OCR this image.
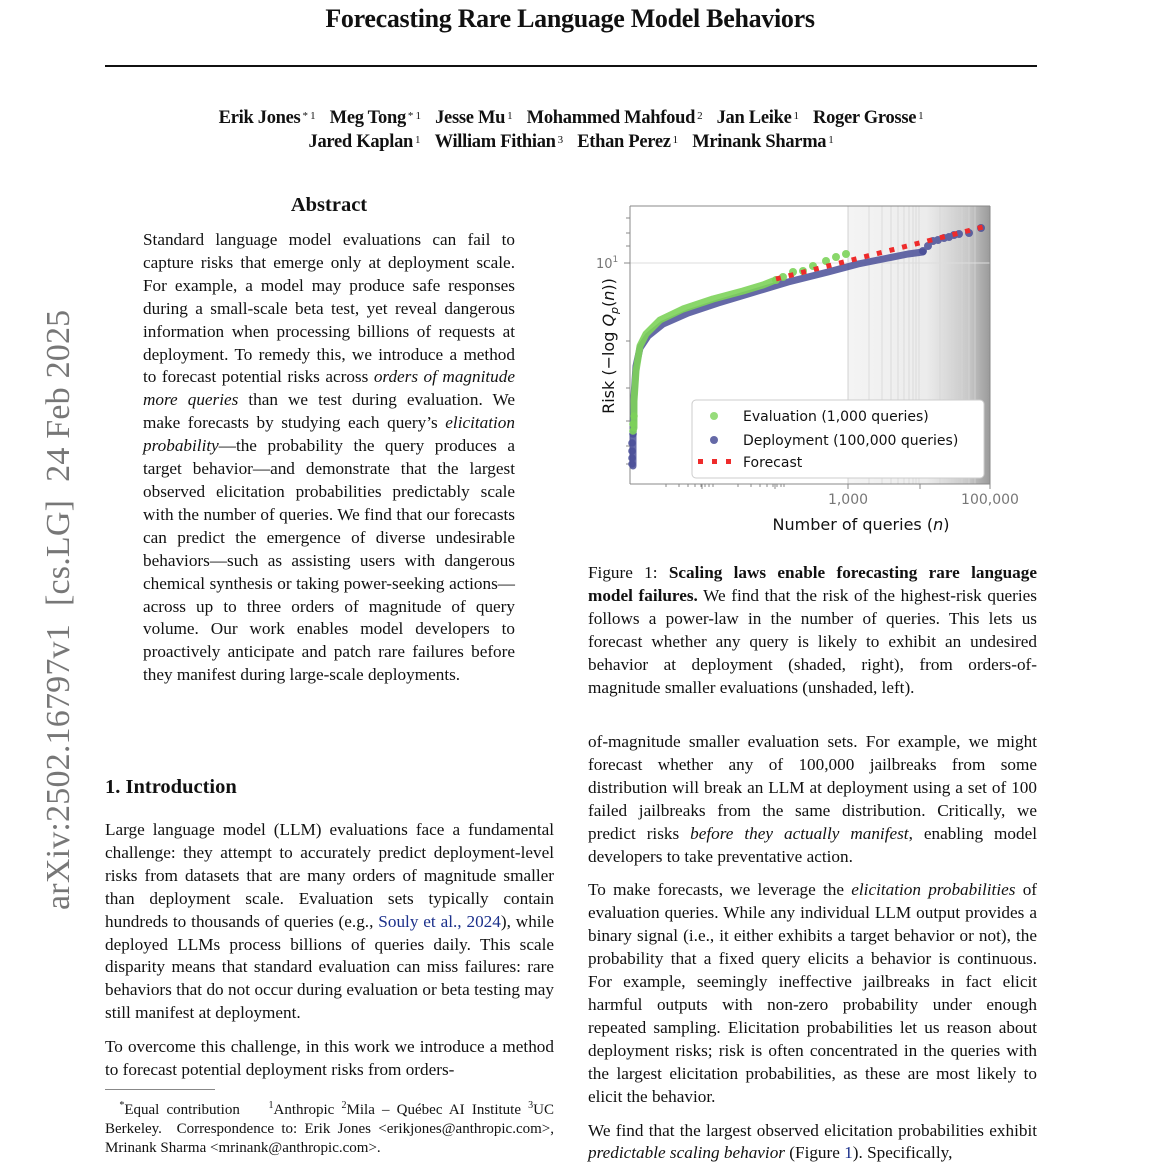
Forecasting Rare Language Model Behaviors
Erik Jones $^{* 1}$ Meg Tong $^{* 1}$ Jesse Mu $^1$ Mohammed Mahfoud $^2$ Jan Leike $^1$ Roger Grosse $^1$
Jared Kaplan $^1$ William Fithian $^3$ Ethan Perez $^1$ Mrinank Sharma $^1$
arXiv:2502.16797v1[cs.LG]24 Feb 2025
Abstract
Standard language model evaluations can fail to capture risks that emerge only at deployment scale. For example, a model may produce safe responses during a small-scale beta test, yet reveal dangerous information when processing billions of requests at deployment. To remedy this, we introduce a method to forecast potential risks across orders of magnitude more queries than we test during evaluation. We make forecasts by studying each query’s elicitation probability—the probability the query produces a target behavior—and demonstrate that the largest observed elicitation probabilities predictably scale with the number of queries. We find that our forecasts can predict the emergence of diverse undesirable behaviors—such as assisting users with dangerous chemical synthesis or taking power-seeking actions—across up to three orders of magnitude of query volume. Our work enables model developers to proactively anticipate and patch rare failures before they manifest during large-scale deployments.
1. Introduction

Large language model (LLM) evaluations face a fundamental challenge: they attempt to accurately predict deployment-level risks from datasets that are many orders of magnitude smaller than deployment scale. Evaluation sets typically contain hundreds to thousands of queries (e.g., Souly et al., 2024), while deployed LLMs process billions of queries daily. This scale disparity means that standard evaluation can miss failures: rare behaviors that do not occur during evaluation or beta testing may still manifest at deployment.

To overcome this challenge, in this work we introduce a method to forecast potential deployment risks from orders-

*Equal contribution	$^1$Anthropic $^2$Mila – Québec AI Institute $^3$UC Berkeley. Correspondence to: Erik Jones <erikjones@anthropic.com>, Mrinank Sharma <mrinank@anthropic.com>.
$10^1$
1,000	100,000
Number of queries (n)
Risk (−log $Q_p(n)$)
Evaluation (1,000 queries)
Deployment (100,000 queries)
Forecast
Figure 1: Scaling laws enable forecasting rare language model failures. We find that the risk of the highest-risk queries follows a power-law in the number of queries. This lets us forecast whether any query is likely to exhibit an undesired behavior at deployment (shaded, right), from orders-of-magnitude smaller evaluations (unshaded, left).

of-magnitude smaller evaluation sets. For example, we might forecast whether any of 100,000 jailbreaks from some distribution will break an LLM at deployment using a set of 100 failed jailbreaks from the same distribution. Critically, we predict risks before they actually manifest, enabling model developers to take preventative action.

To make forecasts, we leverage the elicitation probabilities of evaluation queries. While any individual LLM output provides a binary signal (i.e., it either exhibits a target behavior or not), the probability that a fixed query elicits a behavior is continuous. For example, seemingly ineffective jailbreaks in fact elicit harmful outputs with non-zero probability under enough repeated sampling. Elicitation probabilities let us reason about deployment risks; risk is often concentrated in the queries with the largest elicitation probabilities, as these are most likely to elicit the behavior.

We find that the largest observed elicitation probabilities exhibit predictable scaling behavior (Figure 1). Specifically,
